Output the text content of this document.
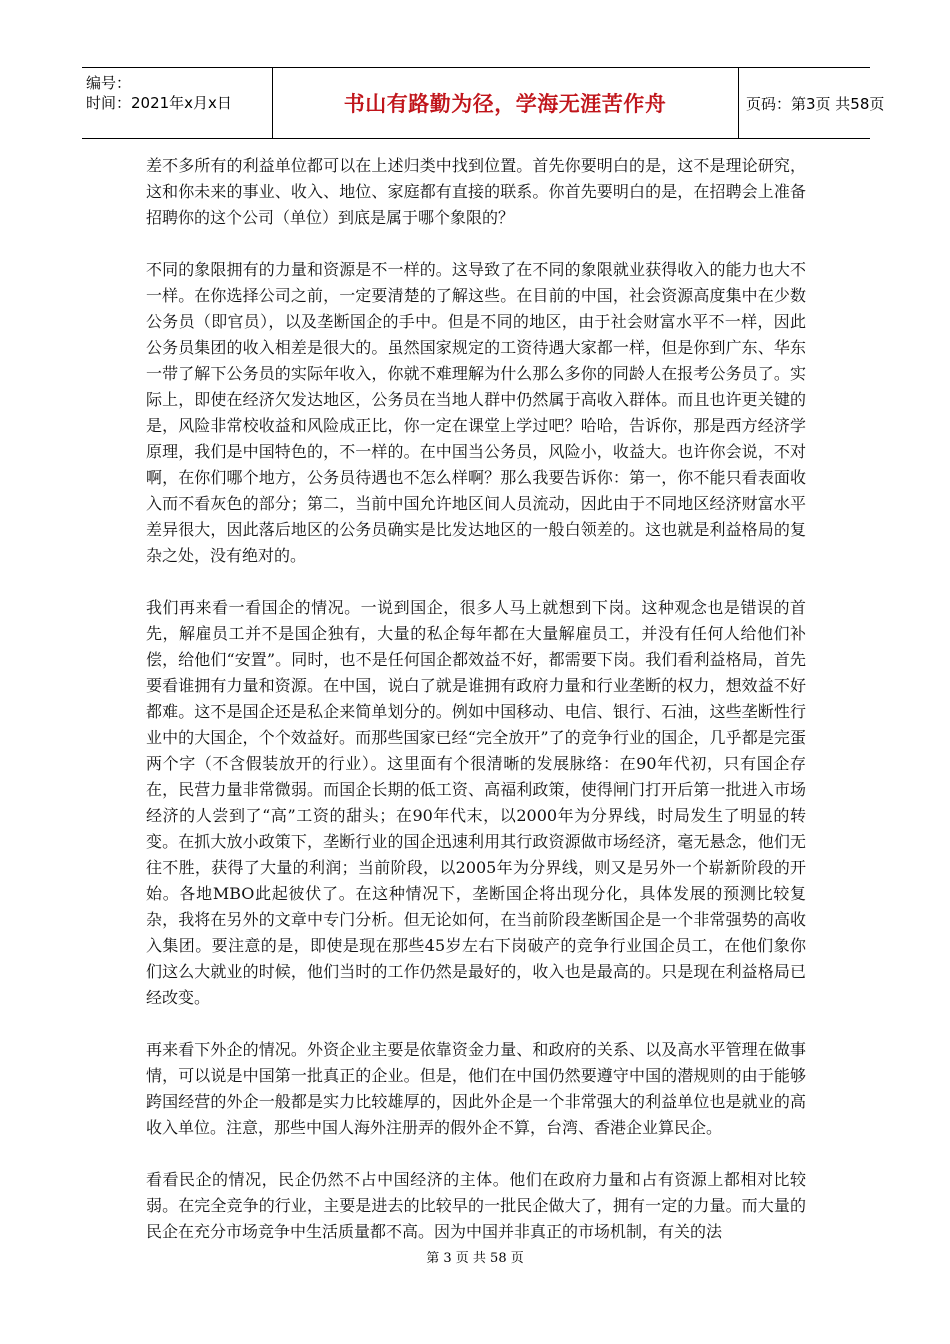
编号：
时间：2021年x月x日	书山有路勤为径，学海无涯苦作舟	页码：第3页 共58页

差不多所有的利益单位都可以在上述归类中找到位置。首先你要明白的是，这不是理论研究，这和你未来的事业、收入、地位、家庭都有直接的联系。你首先要明白的是，在招聘会上准备招聘你的这个公司（单位）到底是属于哪个象限的？

不同的象限拥有的力量和资源是不一样的。这导致了在不同的象限就业获得收入的能力也大不一样。在你选择公司之前，一定要清楚的了解这些。在目前的中国，社会资源高度集中在少数公务员（即官员），以及垄断国企的手中。但是不同的地区，由于社会财富水平不一样，因此公务员集团的收入相差是很大的。虽然国家规定的工资待遇大家都一样，但是你到广东、华东一带了解下公务员的实际年收入，你就不难理解为什么那么多你的同龄人在报考公务员了。实际上，即使在经济欠发达地区，公务员在当地人群中仍然属于高收入群体。而且也许更关键的是，风险非常校收益和风险成正比，你一定在课堂上学过吧？哈哈，告诉你，那是西方经济学原理，我们是中国特色的，不一样的。在中国当公务员，风险小，收益大。也许你会说，不对啊，在你们哪个地方，公务员待遇也不怎么样啊？那么我要告诉你：第一，你不能只看表面收入而不看灰色的部分；第二，当前中国允许地区间人员流动，因此由于不同地区经济财富水平差异很大，因此落后地区的公务员确实是比发达地区的一般白领差的。这也就是利益格局的复杂之处，没有绝对的。

我们再来看一看国企的情况。一说到国企，很多人马上就想到下岗。这种观念也是错误的首先，解雇员工并不是国企独有，大量的私企每年都在大量解雇员工，并没有任何人给他们补偿，给他们“安置”。同时，也不是任何国企都效益不好，都需要下岗。我们看利益格局，首先要看谁拥有力量和资源。在中国，说白了就是谁拥有政府力量和行业垄断的权力，想效益不好都难。这不是国企还是私企来简单划分的。例如中国移动、电信、银行、石油，这些垄断性行业中的大国企，个个效益好。而那些国家已经“完全放开”了的竞争行业的国企，几乎都是完蛋两个字（不含假装放开的行业）。这里面有个很清晰的发展脉络：在90年代初，只有国企存在，民营力量非常微弱。而国企长期的低工资、高福利政策，使得闸门打开后第一批进入市场经济的人尝到了“高”工资的甜头；在90年代末，以2000年为分界线，时局发生了明显的转变。在抓大放小政策下，垄断行业的国企迅速利用其行政资源做市场经济，毫无悬念，他们无往不胜，获得了大量的利润；当前阶段，以2005年为分界线，则又是另外一个崭新阶段的开始。各地MBO此起彼伏了。在这种情况下，垄断国企将出现分化，具体发展的预测比较复杂，我将在另外的文章中专门分析。但无论如何，在当前阶段垄断国企是一个非常强势的高收入集团。要注意的是，即使是现在那些45岁左右下岗破产的竞争行业国企员工，在他们象你们这么大就业的时候，他们当时的工作仍然是最好的，收入也是最高的。只是现在利益格局已经改变。

再来看下外企的情况。外资企业主要是依靠资金力量、和政府的关系、以及高水平管理在做事情，可以说是中国第一批真正的企业。但是，他们在中国仍然要遵守中国的潜规则的由于能够跨国经营的外企一般都是实力比较雄厚的，因此外企是一个非常强大的利益单位也是就业的高收入单位。注意，那些中国人海外注册弄的假外企不算，台湾、香港企业算民企。

看看民企的情况，民企仍然不占中国经济的主体。他们在政府力量和占有资源上都相对比较弱。在完全竞争的行业，主要是进去的比较早的一批民企做大了，拥有一定的力量。而大量的民企在充分市场竞争中生活质量都不高。因为中国并非真正的市场机制，有关的法

第 3 页 共 58 页
